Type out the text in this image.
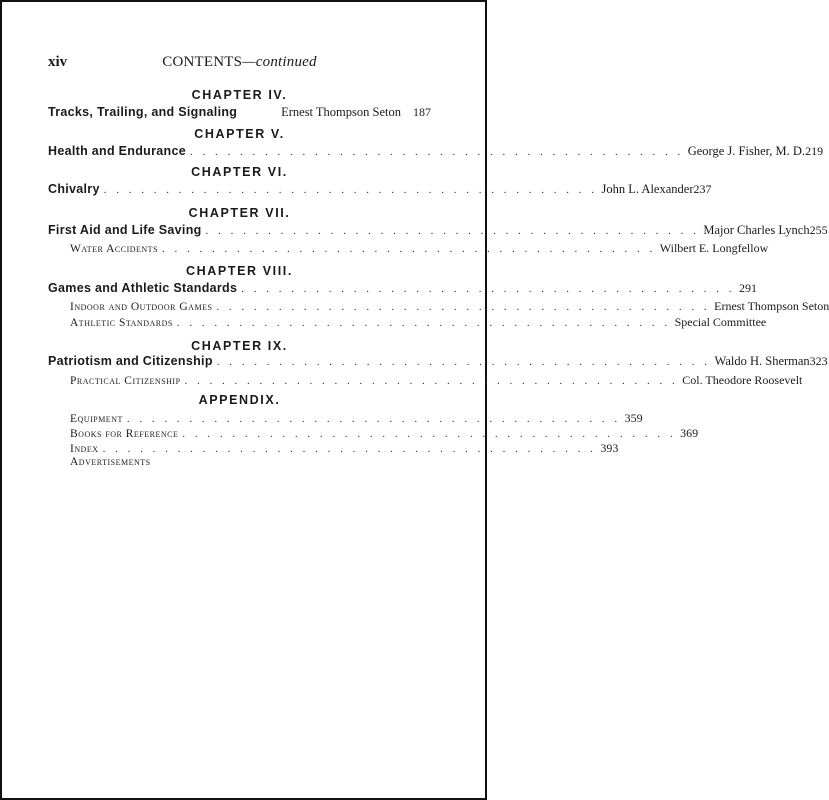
xiv	CONTENTS—continued
CHAPTER IV.
Tracks, Trailing, and Signaling	Ernest Thompson Seton	187
CHAPTER V.
Health and Endurance . . . . . . . . . . . . . . . . . . . . . . . . . . . . . . . . . . . . . . . . George J. Fisher, M. D. 219
CHAPTER VI.
Chivalry . . . . . . . . . . . . . . . . . . . . . . . . . . . . . . . . . . . . . . . . John L. Alexander 237
CHAPTER VII.
First Aid and Life Saving . . . . . . . . . . . . . . . . . . . . . . . . . . . . . . . . . . . . . . . . Major Charles Lynch 255
Water Accidents . . . . . . . . . . . . . . . . . . . . . . . . . . . . . . . . . . . . . . . . Wilbert E. Longfellow
CHAPTER VIII.
Games and Athletic Standards . . . . . . . . . . . . . . . . . . . . . . . . . . . . . . . . . . . . . . . . 291
Indoor and Outdoor Games . . . . . . . . . . . . . . . . . . . . . . . . . . . . . . . . . . . . . . . . Ernest Thompson Seton
Athletic Standards . . . . . . . . . . . . . . . . . . . . . . . . . . . . . . . . . . . . . . . . Special Committee
CHAPTER IX.
Patriotism and Citizenship . . . . . . . . . . . . . . . . . . . . . . . . . . . . . . . . . . . . . . . . Waldo H. Sherman 323
Practical Citizenship . . . . . . . . . . . . . . . . . . . . . . . . . . . . . . . . . . . . . . . . Col. Theodore Roosevelt
APPENDIX.
Equipment . . . . . . . . . . . . . . . . . . . . . . . . . . . . . . . . . . . . . . . . 359
Books for Reference . . . . . . . . . . . . . . . . . . . . . . . . . . . . . . . . . . . . . . . . 369
Index . . . . . . . . . . . . . . . . . . . . . . . . . . . . . . . . . . . . . . . . 393
Advertisements
